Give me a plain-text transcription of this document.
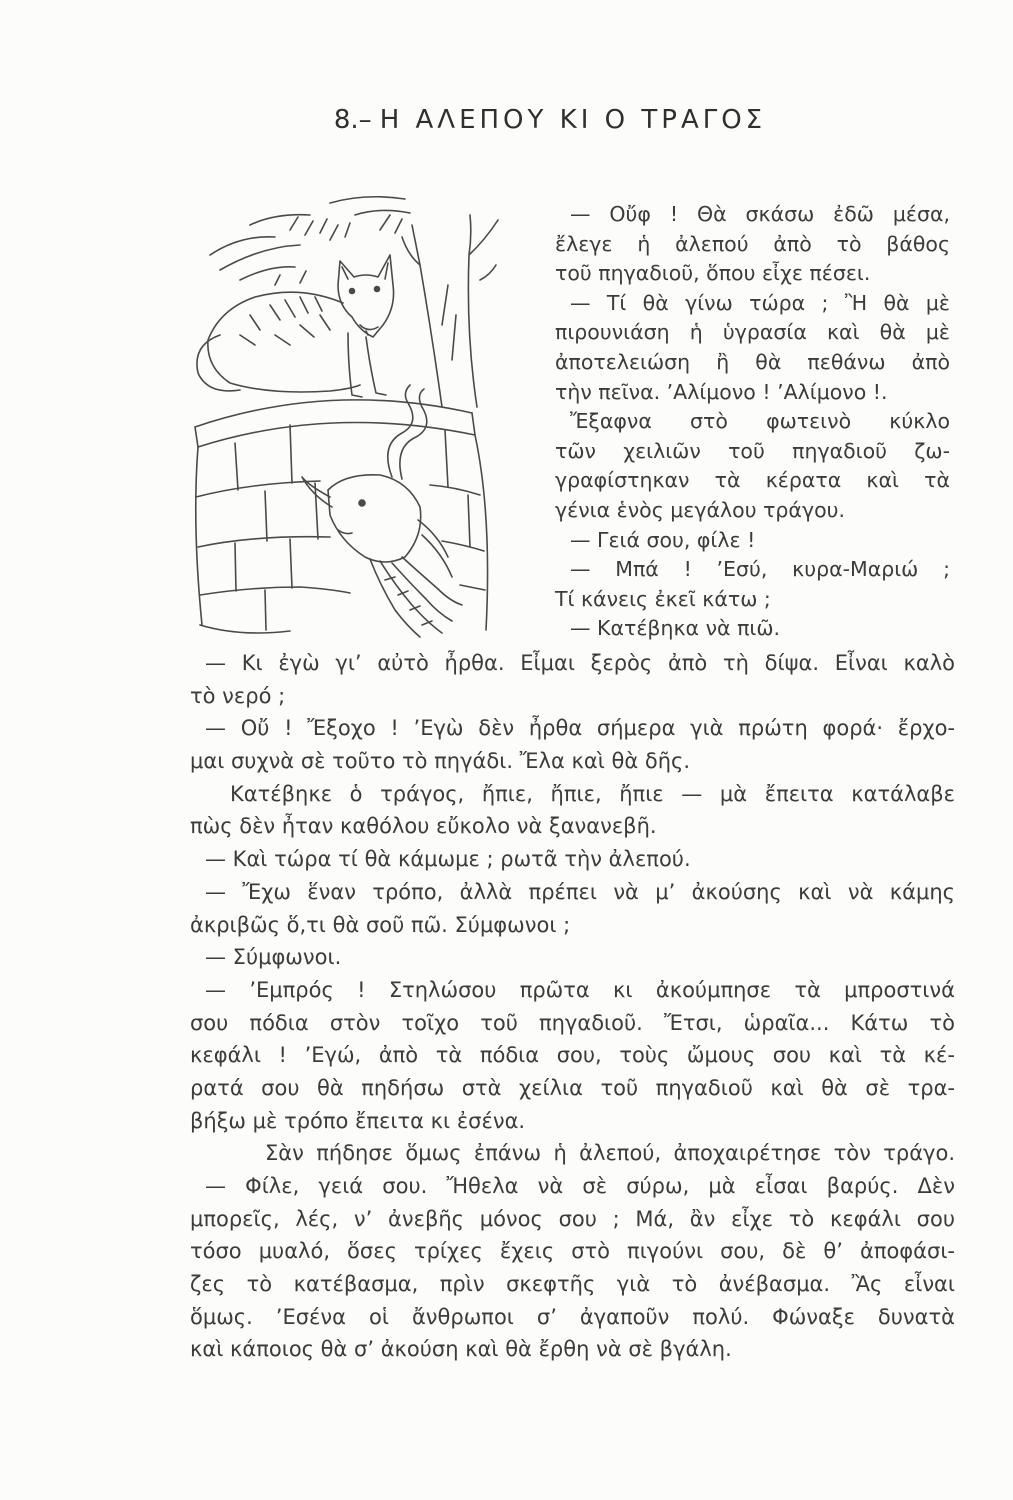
8.– Η ΑΛΕΠΟΥ ΚΙ Ο ΤΡΑΓΟΣ
— Οὔφ ! Θὰ σκάσω ἐδῶ μέσα,
ἔλεγε ἡ ἀλεπού ἀπὸ τὸ βάθος
τοῦ πηγαδιοῦ, ὅπου εἶχε πέσει.
— Τί θὰ γίνω τώρα ; Ἢ θὰ μὲ
πιρουνιάση ἡ ὑγρασία καὶ θὰ μὲ
ἀποτελειώση ἢ θὰ πεθάνω ἀπὸ
τὴν πεῖνα. ’Αλίμονο ! ’Αλίμονο !.
Ἔξαφνα στὸ φωτεινὸ κύκλο
τῶν χειλιῶν τοῦ πηγαδιοῦ ζω-
γραφίστηκαν τὰ κέρατα καὶ τὰ
γένια ἑνὸς μεγάλου τράγου.
— Γειά σου, φίλε !
— Μπά ! ’Εσύ, κυρα-Μαριώ ;
Τί κάνεις ἐκεῖ κάτω ;
— Κατέβηκα νὰ πιῶ.
— Κι ἐγὼ γι’ αὐτὸ ἦρθα. Εἶμαι ξερὸς ἀπὸ τὴ δίψα. Εἶναι καλὸ
τὸ νερό ;
— Οὔ ! Ἔξοχο ! ’Εγὼ δὲν ἦρθα σήμερα γιὰ πρώτη φορά· ἔρχο-
μαι συχνὰ σὲ τοῦτο τὸ πηγάδι. Ἔλα καὶ θὰ δῆς.
Κατέβηκε ὁ τράγος, ἤπιε, ἤπιε, ἤπιε — μὰ ἔπειτα κατάλαβε
πὼς δὲν ἦταν καθόλου εὔκολο νὰ ξανανεβῆ.
— Καὶ τώρα τί θὰ κάμωμε ; ρωτᾶ τὴν ἀλεπού.
— Ἔχω ἕναν τρόπο, ἀλλὰ πρέπει νὰ μ’ ἀκούσης καὶ νὰ κάμης
ἀκριβῶς ὅ,τι θὰ σοῦ πῶ. Σύμφωνοι ;
— Σύμφωνοι.
— ’Εμπρός ! Στηλώσου πρῶτα κι ἀκούμπησε τὰ μπροστινά
σου πόδια στὸν τοῖχο τοῦ πηγαδιοῦ. Ἔτσι, ὡραῖα... Κάτω τὸ
κεφάλι ! ’Εγώ, ἀπὸ τὰ πόδια σου, τοὺς ὤμους σου καὶ τὰ κέ-
ρατά σου θὰ πηδήσω στὰ χείλια τοῦ πηγαδιοῦ καὶ θὰ σὲ τρα-
βήξω μὲ τρόπο ἔπειτα κι ἐσένα.
Σὰν πήδησε ὅμως ἐπάνω ἡ ἀλεπού, ἀποχαιρέτησε τὸν τράγο.
— Φίλε, γειά σου. Ἤθελα νὰ σὲ σύρω, μὰ εἶσαι βαρύς. Δὲν
μπορεῖς, λές, ν’ ἀνεβῆς μόνος σου ; Μά, ἂν εἶχε τὸ κεφάλι σου
τόσο μυαλό, ὅσες τρίχες ἔχεις στὸ πιγούνι σου, δὲ θ’ ἀποφάσι-
ζες τὸ κατέβασμα, πρὶν σκεφτῆς γιὰ τὸ ἀνέβασμα. Ἂς εἶναι
ὅμως. ’Εσένα οἱ ἄνθρωποι σ’ ἀγαποῦν πολύ. Φώναξε δυνατὰ
καὶ κάποιος θὰ σ’ ἀκούση καὶ θὰ ἔρθη νὰ σὲ βγάλη.
